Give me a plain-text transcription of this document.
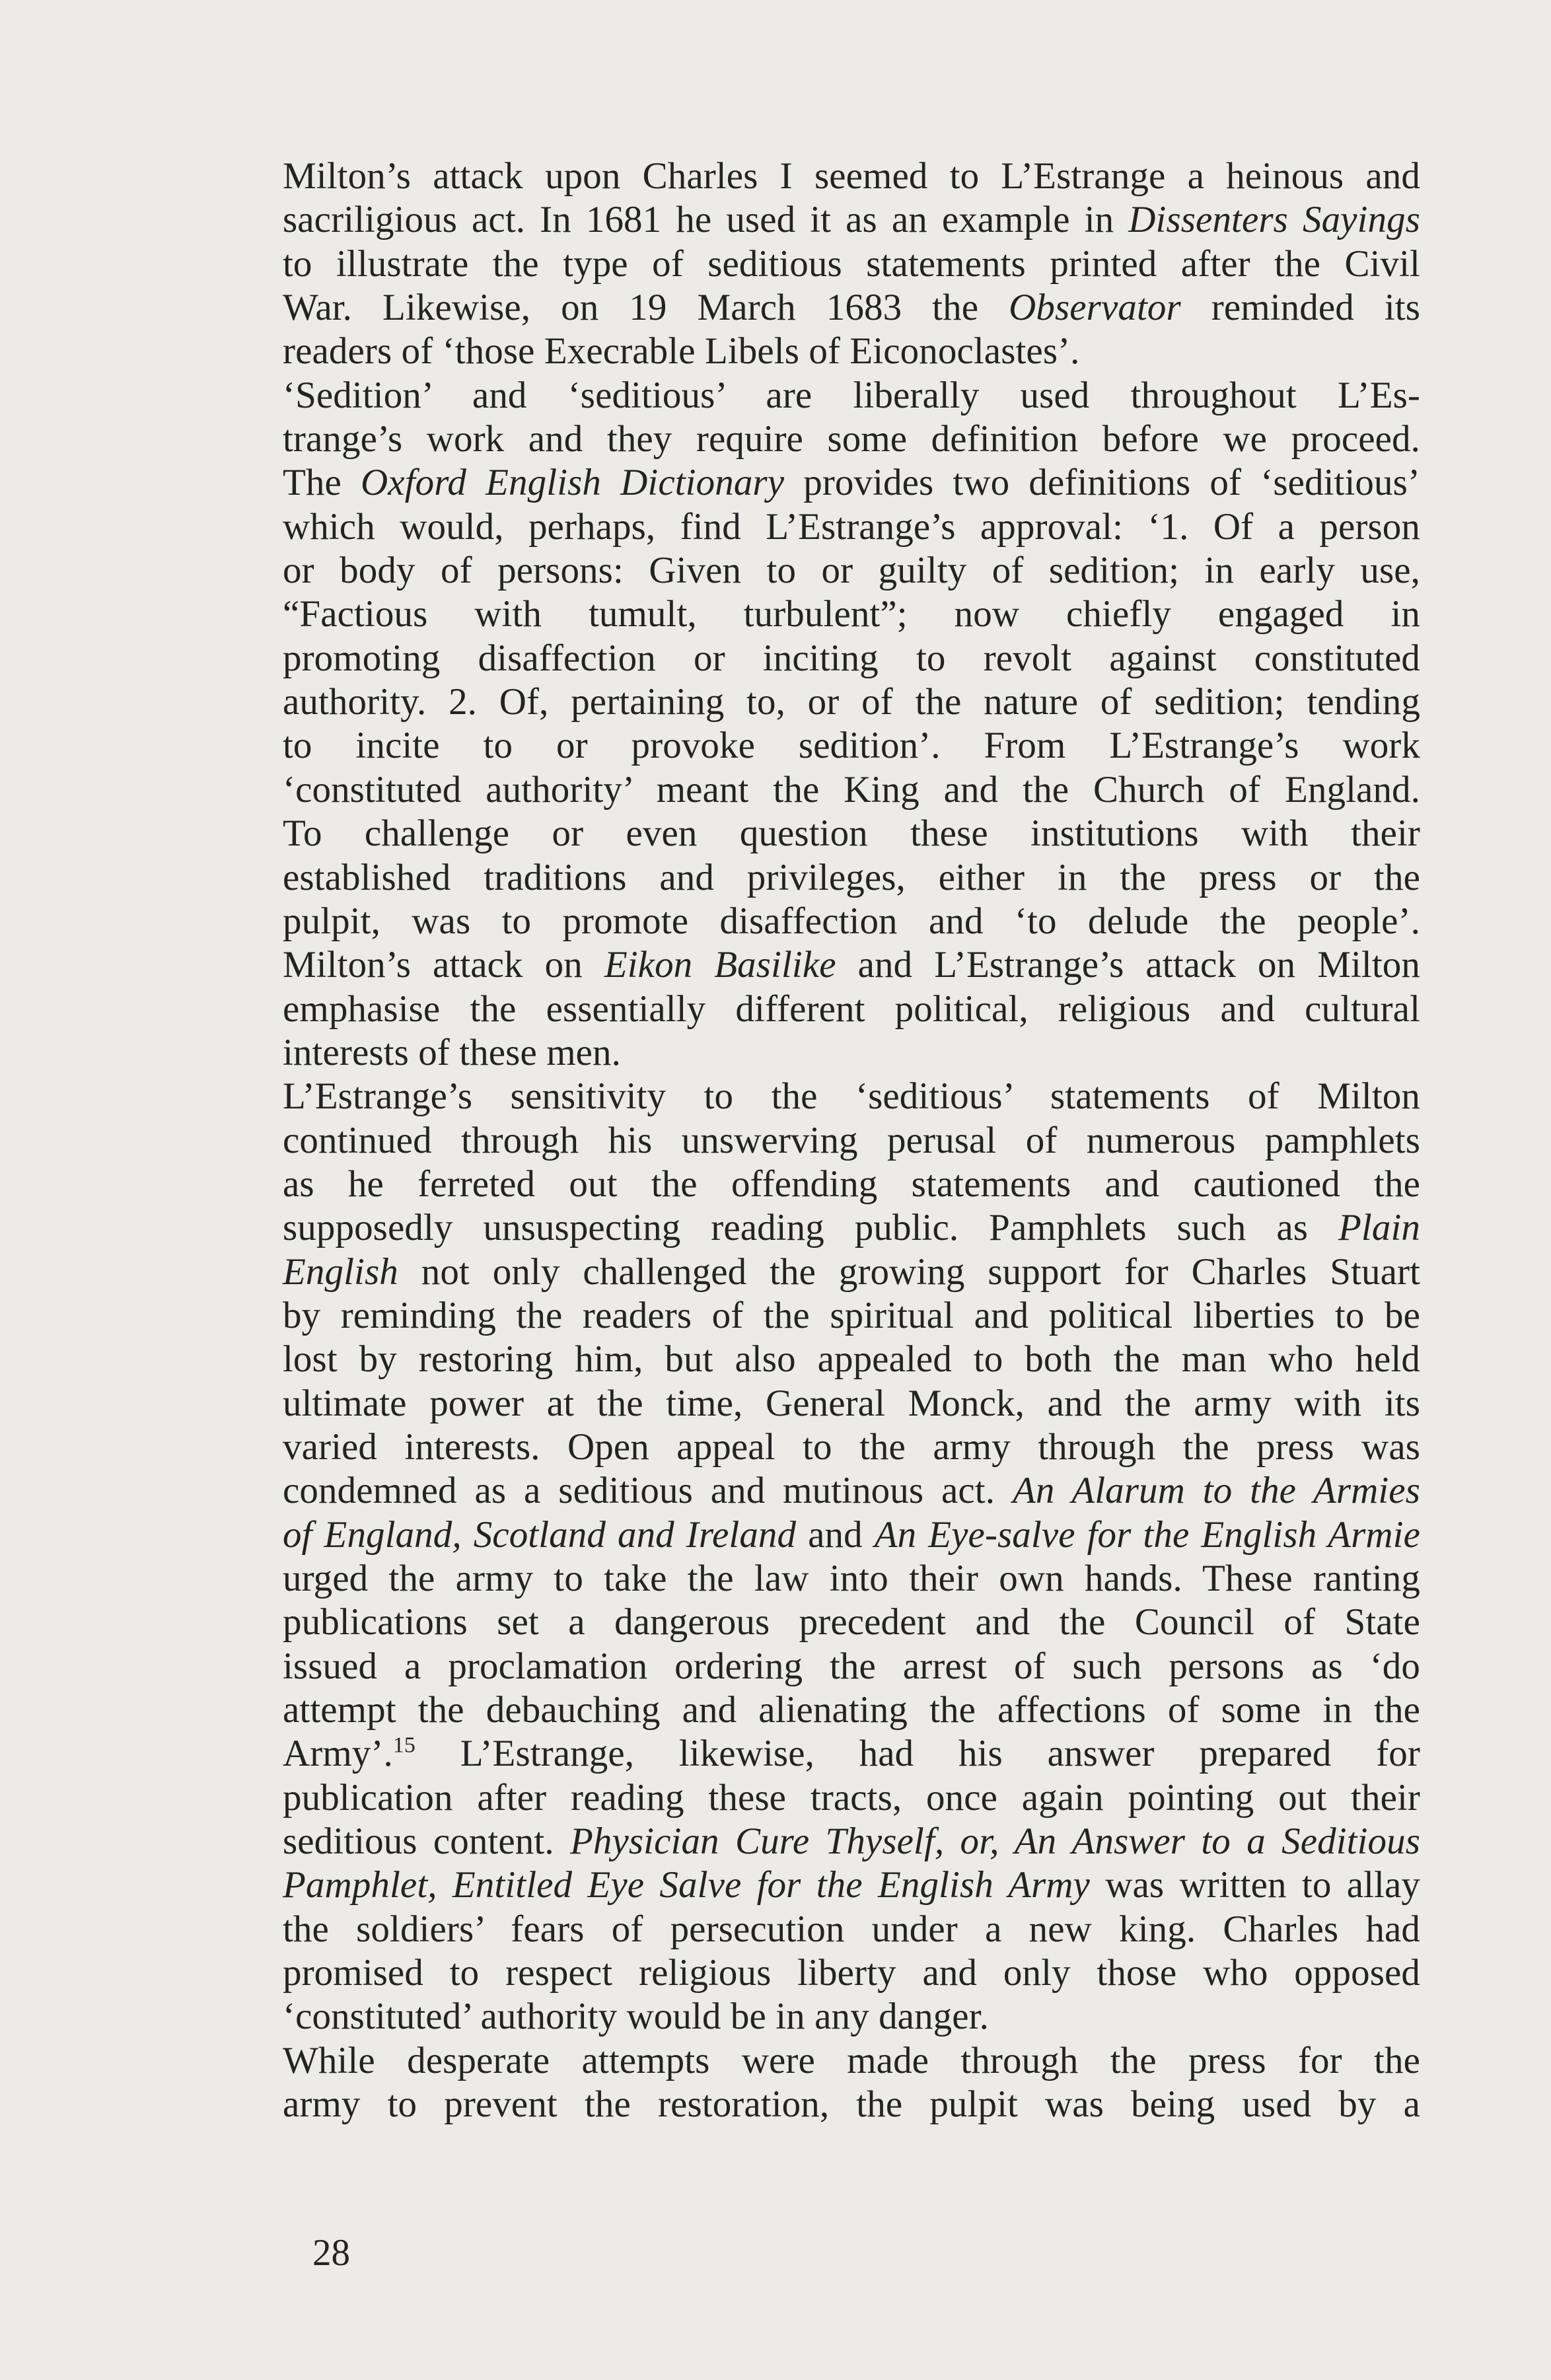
Milton’s attack upon Charles I seemed to L’Estrange a heinous and
sacriligious act. In 1681 he used it as an example in Dissenters Sayings
to illustrate the type of seditious statements printed after the Civil
War. Likewise, on 19 March 1683 the Observator reminded its
readers of ‘those Execrable Libels of Eiconoclastes’.
‘Sedition’ and ‘seditious’ are liberally used throughout L’Es-
trange’s work and they require some definition before we proceed.
The Oxford English Dictionary provides two definitions of ‘seditious’
which would, perhaps, find L’Estrange’s approval: ‘1. Of a person
or body of persons: Given to or guilty of sedition; in early use,
“Factious with tumult, turbulent”; now chiefly engaged in
promoting disaffection or inciting to revolt against constituted
authority. 2. Of, pertaining to, or of the nature of sedition; tending
to incite to or provoke sedition’. From L’Estrange’s work
‘constituted authority’ meant the King and the Church of England.
To challenge or even question these institutions with their
established traditions and privileges, either in the press or the
pulpit, was to promote disaffection and ‘to delude the people’.
Milton’s attack on Eikon Basilike and L’Estrange’s attack on Milton
emphasise the essentially different political, religious and cultural
interests of these men.
L’Estrange’s sensitivity to the ‘seditious’ statements of Milton
continued through his unswerving perusal of numerous pamphlets
as he ferreted out the offending statements and cautioned the
supposedly unsuspecting reading public. Pamphlets such as Plain
English not only challenged the growing support for Charles Stuart
by reminding the readers of the spiritual and political liberties to be
lost by restoring him, but also appealed to both the man who held
ultimate power at the time, General Monck, and the army with its
varied interests. Open appeal to the army through the press was
condemned as a seditious and mutinous act. An Alarum to the Armies
of England, Scotland and Ireland and An Eye-salve for the English Armie
urged the army to take the law into their own hands. These ranting
publications set a dangerous precedent and the Council of State
issued a proclamation ordering the arrest of such persons as ‘do
attempt the debauching and alienating the affections of some in the
Army’.$^{15}$ L’Estrange, likewise, had his answer prepared for
publication after reading these tracts, once again pointing out their
seditious content. Physician Cure Thyself, or, An Answer to a Seditious
Pamphlet, Entitled Eye Salve for the English Army was written to allay
the soldiers’ fears of persecution under a new king. Charles had
promised to respect religious liberty and only those who opposed
‘constituted’ authority would be in any danger.
While desperate attempts were made through the press for the
army to prevent the restoration, the pulpit was being used by a
28
